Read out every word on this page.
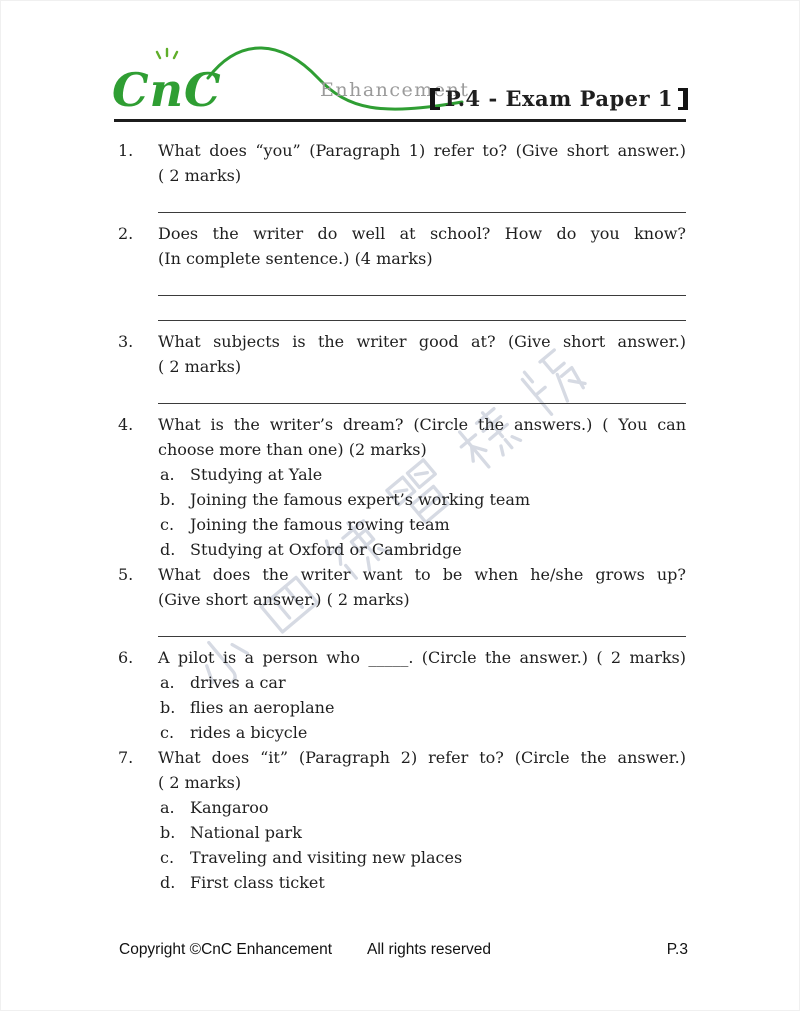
CnC	Enhancement
P.4 - Exam Paper 1
1.	What does “you” (Paragraph 1) refer to? (Give short answer.)
( 2 marks)
2.	Does the writer do well at school? How do you know?
(In complete sentence.) (4 marks)
3.	What subjects is the writer good at? (Give short answer.)
( 2 marks)
4.	What is the writer’s dream? (Circle the answers.) ( You can
choose more than one) (2 marks)
a. Studying at Yale
b. Joining the famous expert’s working team
c. Joining the famous rowing team
d. Studying at Oxford or Cambridge
5.	What does the writer want to be when he/she grows up?
(Give short answer.) ( 2 marks)
6.	A pilot is a person who _____. (Circle the answer.) ( 2 marks)
a. drives a car
b. flies an aeroplane
c. rides a bicycle
7.	What does “it” (Paragraph 2) refer to? (Circle the answer.)
( 2 marks)
a. Kangaroo
b. National park
c. Traveling and visiting new places
d. First class ticket
Copyright ©CnC Enhancement All rights reserved	P.3
